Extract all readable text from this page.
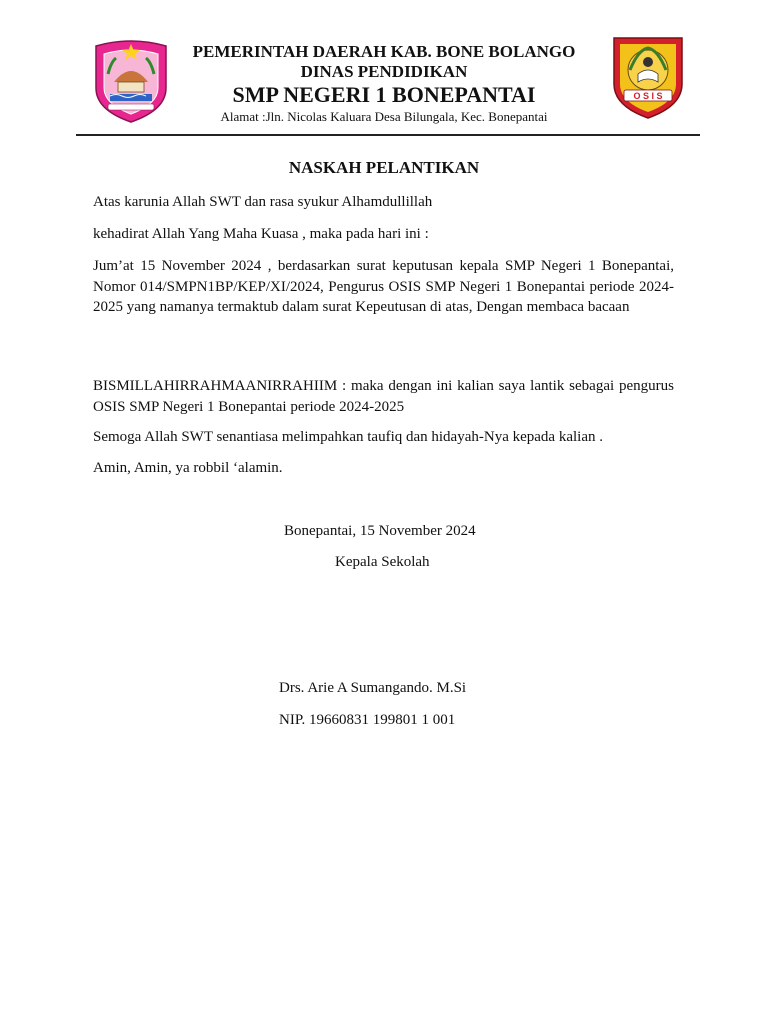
PEMERINTAH DAERAH KAB. BONE BOLANGO
DINAS PENDIDIKAN
SMP NEGERI 1 BONEPANTAI
Alamat :Jln. Nicolas Kaluara Desa Bilungala, Kec. Bonepantai
O S I S
NASKAH PELANTIKAN

Atas karunia Allah SWT dan rasa syukur Alhamdullillah

kehadirat Allah Yang Maha Kuasa , maka pada hari ini :

Jum’at 15 November 2024 , berdasarkan surat keputusan kepala SMP Negeri 1 Bonepantai, Nomor 014/SMPN1BP/KEP/XI/2024, Pengurus OSIS SMP Negeri 1 Bonepantai periode 2024-2025 yang namanya termaktub dalam surat Kepeutusan di atas, Dengan membaca bacaan

BISMILLAHIRRAHMAANIRRAHIIM : maka dengan ini kalian saya lantik sebagai pengurus OSIS SMP Negeri 1 Bonepantai periode 2024-2025

Semoga Allah SWT senantiasa melimpahkan taufiq dan hidayah-Nya kepada kalian .

Amin, Amin, ya robbil ‘alamin.

Bonepantai, 15 November 2024

Kepala Sekolah

Drs. Arie A Sumangando. M.Si

NIP. 19660831 199801 1 001
